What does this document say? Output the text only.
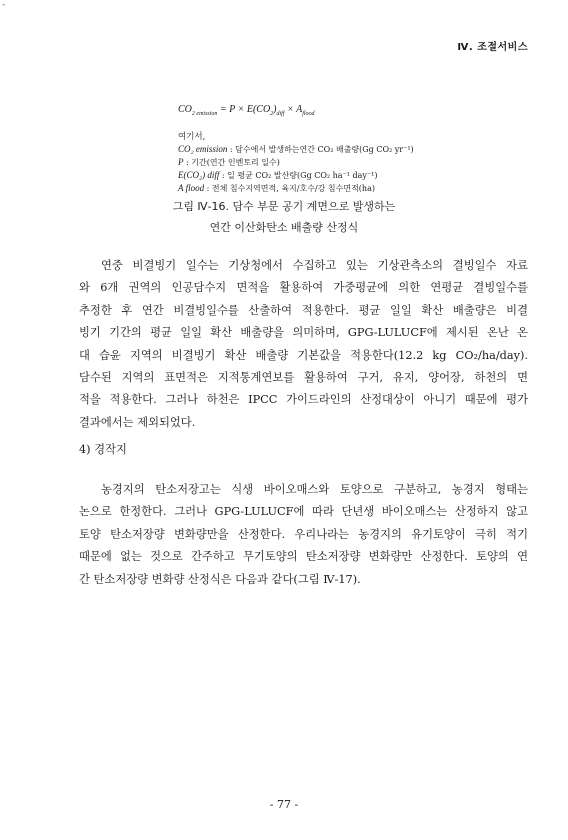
-
Ⅳ. 조절서비스
$CO_{2 emission} = P \times E(CO_2)_{diff} \times A_{flood}$
여기서,
CO₂ emission : 담수에서 발생하는연간 CO₂ 배출량(Gg CO₂ yr⁻¹)
P : 기간(연간 인벤토리 일수)
E(CO₂) diff : 일 평균 CO₂ 발산량(Gg CO₂ ha⁻¹ day⁻¹)
A flood : 전체 침수지역면적, 육지/호수/강 침수면적(ha)
그림 Ⅳ-16. 담수 부문 공기 계면으로 발생하는
연간 이산화탄소 배출량 산정식
연중 비결빙기 일수는 기상청에서 수집하고 있는 기상관측소의 결빙일수 자료
와 6개 권역의 인공담수지 면적을 활용하여 가중평균에 의한 연평균 결빙일수를
추정한 후 연간 비결빙일수를 산출하여 적용한다. 평균 일일 확산 배출량은 비결
빙기 기간의 평균 일일 확산 배출량을 의미하며, GPG-LULUCF에 제시된 온난 온
대 습윤 지역의 비결빙기 확산 배출량 기본값을 적용한다(12.2 kg CO₂/ha/day).
담수된 지역의 표면적은 지적통계연보를 활용하여 구거, 유지, 양어장, 하천의 면
적을 적용한다. 그러나 하천은 IPCC 가이드라인의 산정대상이 아니기 때문에 평가
결과에서는 제외되었다.
4) 경작지
농경지의 탄소저장고는 식생 바이오매스와 토양으로 구분하고, 농경지 형태는
논으로 한정한다. 그러나 GPG-LULUCF에 따라 단년생 바이오매스는 산정하지 않고
토양 탄소저장량 변화량만을 산정한다. 우리나라는 농경지의 유기토양이 극히 적기
때문에 없는 것으로 간주하고 무기토양의 탄소저장량 변화량만 산정한다. 토양의 연
간 탄소저장량 변화량 산정식은 다음과 같다(그림 Ⅳ-17).
- 77 -
